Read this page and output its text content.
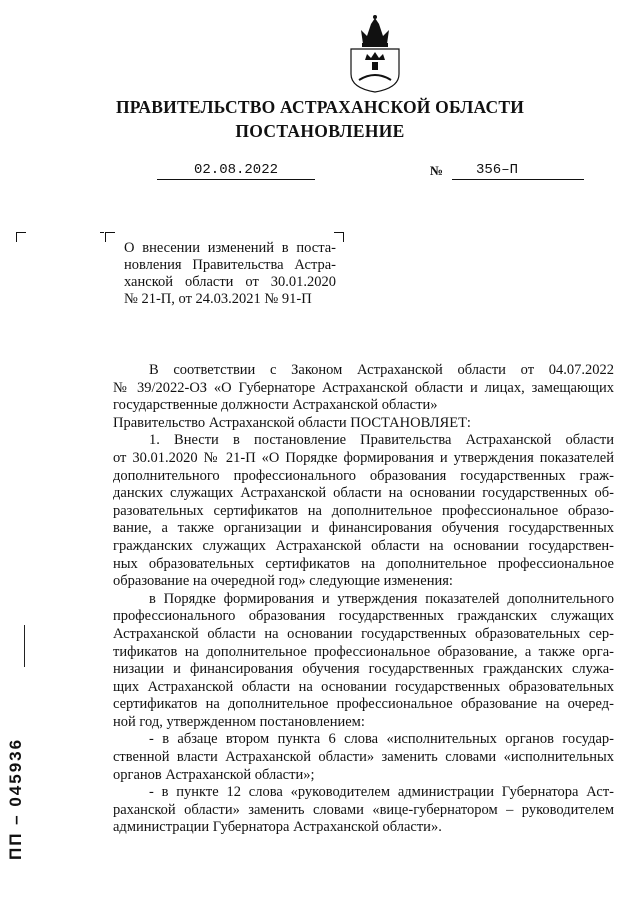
ПРАВИТЕЛЬСТВО АСТРАХАНСКОЙ ОБЛАСТИ
ПОСТАНОВЛЕНИЕ
02.08.2022	№	356–П
О внесении изменений в поста-
новления Правительства Астра-
ханской области от 30.01.2020
№ 21-П, от 24.03.2021 № 91-П
В соответствии с Законом Астраханской области от 04.07.2022
№ 39/2022-ОЗ «О Губернаторе Астраханской области и лицах, замещающих
государственные должности Астраханской области»
Правительство Астраханской области ПОСТАНОВЛЯЕТ:
1. Внести в постановление Правительства Астраханской области
от 30.01.2020 № 21-П «О Порядке формирования и утверждения показателей
дополнительного профессионального образования государственных граж-
данских служащих Астраханской области на основании государственных об-
разовательных сертификатов на дополнительное профессиональное образо-
вание, а также организации и финансирования обучения государственных
гражданских служащих Астраханской области на основании государствен-
ных образовательных сертификатов на дополнительное профессиональное
образование на очередной год» следующие изменения:
в Порядке формирования и утверждения показателей дополнительного
профессионального образования государственных гражданских служащих
Астраханской области на основании государственных образовательных сер-
тификатов на дополнительное профессиональное образование, а также орга-
низации и финансирования обучения государственных гражданских служа-
щих Астраханской области на основании государственных образовательных
сертификатов на дополнительное профессиональное образование на очеред-
ной год, утвержденном постановлением:
- в абзаце втором пункта 6 слова «исполнительных органов государ-
ственной власти Астраханской области» заменить словами «исполнительных
органов Астраханской области»;
- в пункте 12 слова «руководителем администрации Губернатора Аст-
раханской области» заменить словами «вице-губернатором – руководителем
администрации Губернатора Астраханской области».
ПП – 045936
